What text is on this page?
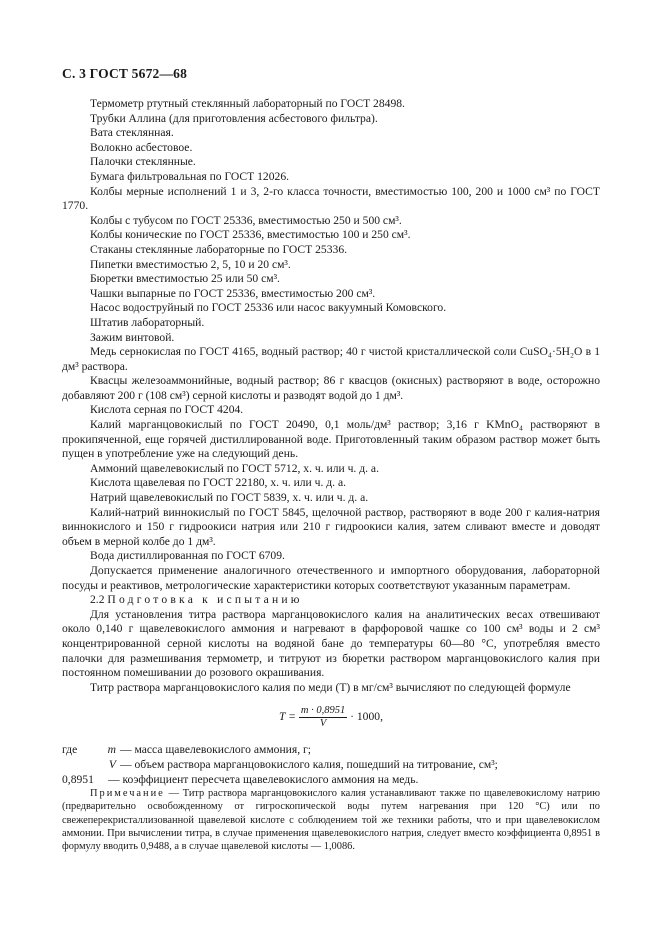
С. 3 ГОСТ 5672—68

Термометр ртутный стеклянный лабораторный по ГОСТ 28498.

Трубки Аллина (для приготовления асбестового фильтра).

Вата стеклянная.

Волокно асбестовое.

Палочки стеклянные.

Бумага фильтровальная по ГОСТ 12026.

Колбы мерные исполнений 1 и 3, 2-го класса точности, вместимостью 100, 200 и 1000 см³ по ГОСТ 1770.

Колбы с тубусом по ГОСТ 25336, вместимостью 250 и 500 см³.

Колбы конические по ГОСТ 25336, вместимостью 100 и 250 см³.

Стаканы стеклянные лабораторные по ГОСТ 25336.

Пипетки вместимостью 2, 5, 10 и 20 см³.

Бюретки вместимостью 25 или 50 см³.

Чашки выпарные по ГОСТ 25336, вместимостью 200 см³.

Насос водоструйный по ГОСТ 25336 или насос вакуумный Комовского.

Штатив лабораторный.

Зажим винтовой.

Медь сернокислая по ГОСТ 4165, водный раствор; 40 г чистой кристаллической соли CuSO₄·5H₂O в 1 дм³ раствора.

Квасцы железоаммонийные, водный раствор; 86 г квасцов (окисных) растворяют в воде, осторожно добавляют 200 г (108 см³) серной кислоты и разводят водой до 1 дм³.

Кислота серная по ГОСТ 4204.

Калий марганцовокислый по ГОСТ 20490, 0,1 моль/дм³ раствор; 3,16 г KMnO₄ растворяют в прокипяченной, еще горячей дистиллированной воде. Приготовленный таким образом раствор может быть пущен в употребление уже на следующий день.

Аммоний щавелевокислый по ГОСТ 5712, х. ч. или ч. д. а.

Кислота щавелевая по ГОСТ 22180, х. ч. или ч. д. а.

Натрий щавелевокислый по ГОСТ 5839, х. ч. или ч. д. а.

Калий-натрий виннокислый по ГОСТ 5845, щелочной раствор, растворяют в воде 200 г калия-натрия виннокислого и 150 г гидроокиси натрия или 210 г гидроокиси калия, затем сливают вместе и доводят объем в мерной колбе до 1 дм³.

Вода дистиллированная по ГОСТ 6709.

Допускается применение аналогичного отечественного и импортного оборудования, лабораторной посуды и реактивов, метрологические характеристики которых соответствуют указанным параметрам.

2.2 Подготовка к испытанию

Для установления титра раствора марганцовокислого калия на аналитических весах отвешивают около 0,140 г щавелевокислого аммония и нагревают в фарфоровой чашке со 100 см³ воды и 2 см³ концентрированной серной кислоты на водяной бане до температуры 60—80 °С, употребляя вместо палочки для размешивания термометр, и титруют из бюретки раствором марганцовокислого калия при постоянном помешивании до розового окрашивания.

Титр раствора марганцовокислого калия по меди (T) в мг/см³ вычисляют по следующей формуле

$T = \frac{m \cdot 0,8951}{V} \cdot 1000$,
где	m — масса щавелевокислого аммония, г;
V — объем раствора марганцовокислого калия, пошедший на титрование, см³;
0,8951	— коэффициент пересчета щавелевокислого аммония на медь.

Примечание — Титр раствора марганцовокислого калия устанавливают также по щавелевокислому натрию (предварительно освобожденному от гигроскопической воды путем нагревания при 120 °С) или по свежеперекристаллизованной щавелевой кислоте с соблюдением той же техники работы, что и при щавелевокислом аммонии. При вычислении титра, в случае применения щавелевокислого натрия, следует вместо коэффициента 0,8951 в формулу вводить 0,9488, а в случае щавелевой кислоты — 1,0086.
